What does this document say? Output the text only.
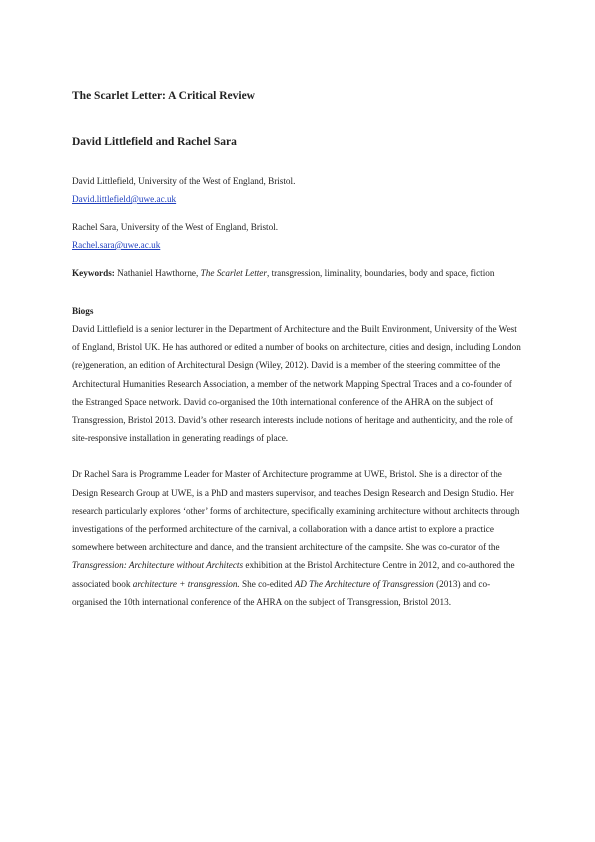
The Scarlet Letter: A Critical Review

David Littlefield and Rachel Sara

David Littlefield, University of the West of England, Bristol.
David.littlefield@uwe.ac.uk
Rachel Sara, University of the West of England, Bristol.
Rachel.sara@uwe.ac.uk

Keywords: Nathaniel Hawthorne, The Scarlet Letter, transgression, liminality, boundaries, body and space, fiction

Biogs

David Littlefield is a senior lecturer in the Department of Architecture and the Built Environment, University of the West of England, Bristol UK. He has authored or edited a number of books on architecture, cities and design, including London (re)generation, an edition of Architectural Design (Wiley, 2012). David is a member of the steering committee of the Architectural Humanities Research Association, a member of the network Mapping Spectral Traces and a co-founder of the Estranged Space network. David co-organised the 10th international conference of the AHRA on the subject of Transgression, Bristol 2013. David’s other research interests include notions of heritage and authenticity, and the role of site-responsive installation in generating readings of place.

Dr Rachel Sara is Programme Leader for Master of Architecture programme at UWE, Bristol. She is a director of the Design Research Group at UWE, is a PhD and masters supervisor, and teaches Design Research and Design Studio. Her research particularly explores ‘other’ forms of architecture, specifically examining architecture without architects through investigations of the performed architecture of the carnival, a collaboration with a dance artist to explore a practice somewhere between architecture and dance, and the transient architecture of the campsite. She was co-curator of the Transgression: Architecture without Architects exhibition at the Bristol Architecture Centre in 2012, and co-authored the associated book architecture + transgression. She co-edited AD The Architecture of Transgression (2013) and co-organised the 10th international conference of the AHRA on the subject of Transgression, Bristol 2013.
